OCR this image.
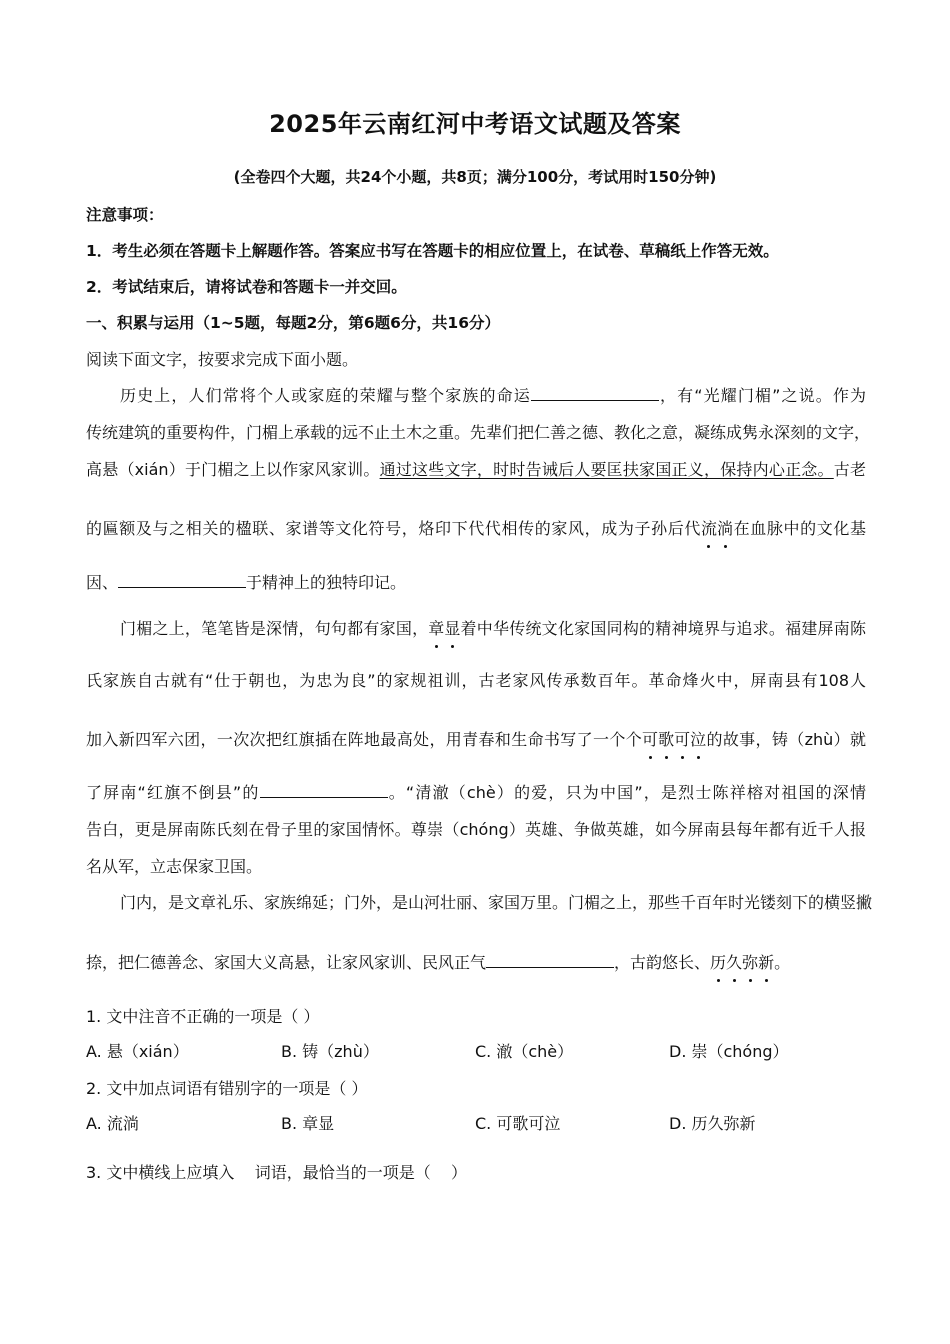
2025年云南红河中考语文试题及答案
(全卷四个大题，共24个小题，共8页；满分100分，考试用时150分钟)
注意事项：
1．考生必须在答题卡上解题作答。答案应书写在答题卡的相应位置上，在试卷、草稿纸上作答无效。
2．考试结束后，请将试卷和答题卡一并交回。
一、积累与运用（1~5题，每题2分，第6题6分，共16分）
阅读下面文字，按要求完成下面小题。
历史上，人们常将个人或家庭的荣耀与整个家族的命运	，有“光耀门楣”之说。作为
传统建筑的重要构件，门楣上承载的远不止土木之重。先辈们把仁善之德、教化之意，凝练成隽永深刻的文字，
高悬（xián）于门楣之上以作家风家训。通过这些文字，时时告诫后人要匡扶家国正义，保持内心正念。古老
的匾额及与之相关的楹联、家谱等文化符号，烙印下代代相传的家风，成为子孙后代流淌在血脉中的文化基
因、	于精神上的独特印记。
门楣之上，笔笔皆是深情，句句都有家国，章显着中华传统文化家国同构的精神境界与追求。福建屏南陈
氏家族自古就有“仕于朝也，为忠为良”的家规祖训，古老家风传承数百年。革命烽火中，屏南县有108人
加入新四军六团，一次次把红旗插在阵地最高处，用青春和生命书写了一个个可歌可泣的故事，铸（zhù）就
了屏南“红旗不倒县”的	。“清澈（chè）的爱，只为中国”，是烈士陈祥榕对祖国的深情
告白，更是屏南陈氏刻在骨子里的家国情怀。尊崇（chóng）英雄、争做英雄，如今屏南县每年都有近千人报
名从军，立志保家卫国。
门内，是文章礼乐、家族绵延；门外，是山河壮丽、家国万里。门楣之上，那些千百年时光镂刻下的横竖撇
捺，把仁德善念、家国大义高悬，让家风家训、民风正气	，古韵悠长、历久弥新。
1. 文中注音不正确的一项是（ ）
A. 悬（xián）	B. 铸（zhù）	C. 澈（chè）	D. 崇（chóng）
2. 文中加点词语有错别字的一项是（ ）
A. 流淌	B. 章显	C. 可歌可泣	D. 历久弥新
3. 文中横线上应填入    词语，最恰当的一项是（    ）
